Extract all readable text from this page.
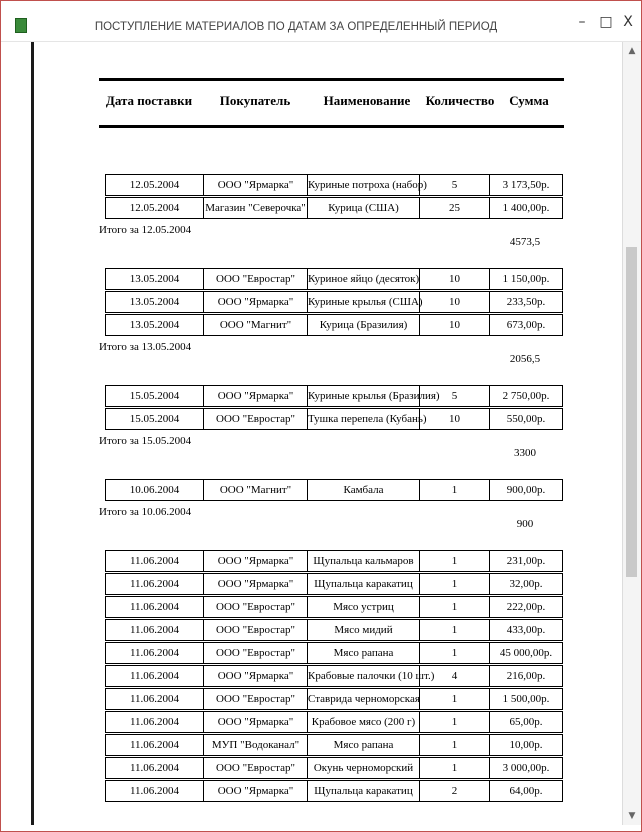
ПОСТУПЛЕНИЕ МАТЕРИАЛОВ ПО ДАТАМ ЗА ОПРЕДЕЛЕННЫЙ ПЕРИОД	– □ X
Дата поставки	Покупатель	Наименование	Количество	Сумма
12.05.2004	ООО "Ярмарка"	Куриные потроха (набор)	5	3 173,50р.
12.05.2004	Магазин "Северочка"	Курица (США)	25	1 400,00р.
Итого за 12.05.2004
4573,5
13.05.2004	ООО "Евростар"	Куриное яйцо (десяток)	10	1 150,00р.
13.05.2004	ООО "Ярмарка"	Куриные крылья (США)	10	233,50р.
13.05.2004	ООО "Магнит"	Курица (Бразилия)	10	673,00р.
Итого за 13.05.2004
2056,5
15.05.2004	ООО "Ярмарка"	Куриные крылья (Бразилия)	5	2 750,00р.
15.05.2004	ООО "Евростар"	Тушка перепела (Кубань)	10	550,00р.
Итого за 15.05.2004
3300
10.06.2004	ООО "Магнит"	Камбала	1	900,00р.
Итого за 10.06.2004
900
11.06.2004	ООО "Ярмарка"	Щупальца кальмаров	1	231,00р.
11.06.2004	ООО "Ярмарка"	Щупальца каракатиц	1	32,00р.
11.06.2004	ООО "Евростар"	Мясо устриц	1	222,00р.
11.06.2004	ООО "Евростар"	Мясо мидий	1	433,00р.
11.06.2004	ООО "Евростар"	Мясо рапана	1	45 000,00р.
11.06.2004	ООО "Ярмарка"	Крабовые палочки (10 шт.)	4	216,00р.
11.06.2004	ООО "Евростар"	Ставрида черноморская	1	1 500,00р.
11.06.2004	ООО "Ярмарка"	Крабовое мясо (200 г)	1	65,00р.
11.06.2004	МУП "Водоканал"	Мясо рапана	1	10,00р.
11.06.2004	ООО "Евростар"	Окунь черноморский	1	3 000,00р.
11.06.2004	ООО "Ярмарка"	Щупальца каракатиц	2	64,00р.
▲
▼
